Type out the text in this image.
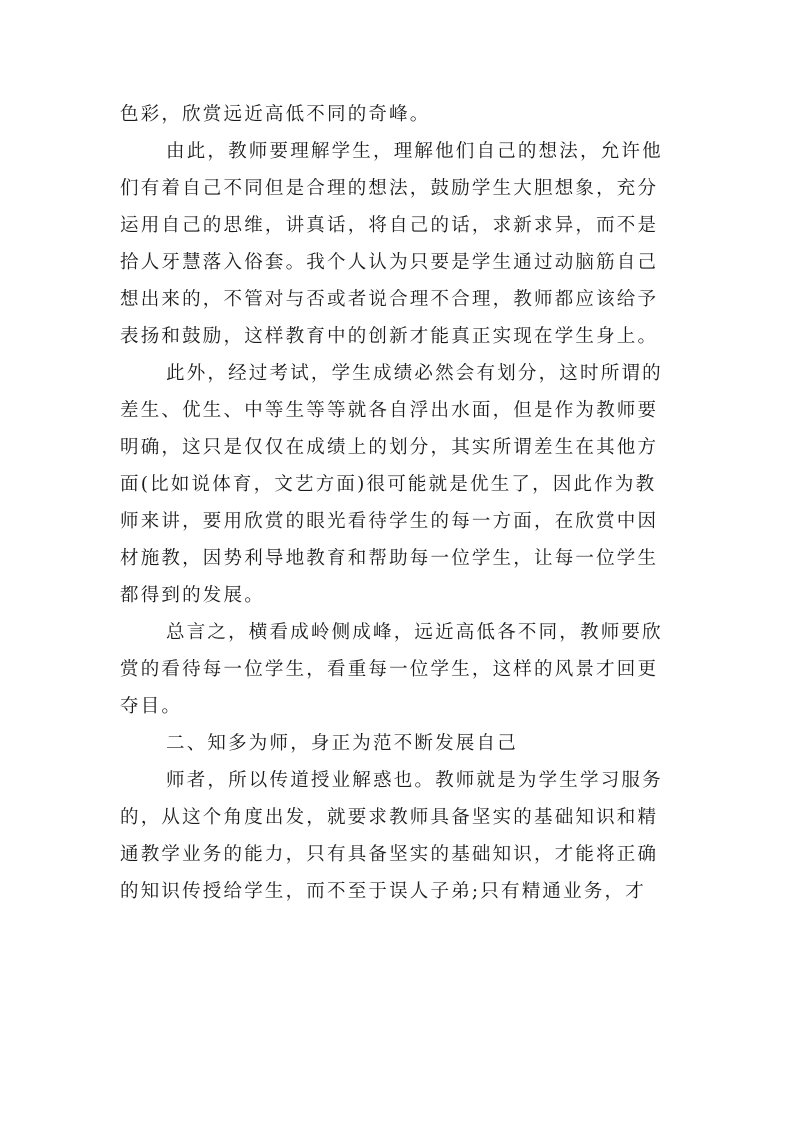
色彩，欣赏远近高低不同的奇峰。
由此，教师要理解学生，理解他们自己的想法，允许他
们有着自己不同但是合理的想法，鼓励学生大胆想象，充分
运用自己的思维，讲真话，将自己的话，求新求异，而不是
拾人牙慧落入俗套。我个人认为只要是学生通过动脑筋自己
想出来的，不管对与否或者说合理不合理，教师都应该给予
表扬和鼓励，这样教育中的创新才能真正实现在学生身上。
此外，经过考试，学生成绩必然会有划分，这时所谓的
差生、优生、中等生等等就各自浮出水面，但是作为教师要
明确，这只是仅仅在成绩上的划分，其实所谓差生在其他方
面(比如说体育，文艺方面)很可能就是优生了，因此作为教
师来讲，要用欣赏的眼光看待学生的每一方面，在欣赏中因
材施教，因势利导地教育和帮助每一位学生，让每一位学生
都得到的发展。
总言之，横看成岭侧成峰，远近高低各不同，教师要欣
赏的看待每一位学生，看重每一位学生，这样的风景才回更
夺目。
二、知多为师，身正为范不断发展自己
师者，所以传道授业解惑也。教师就是为学生学习服务
的，从这个角度出发，就要求教师具备坚实的基础知识和精
通教学业务的能力，只有具备坚实的基础知识，才能将正确
的知识传授给学生，而不至于误人子弟;只有精通业务，才
